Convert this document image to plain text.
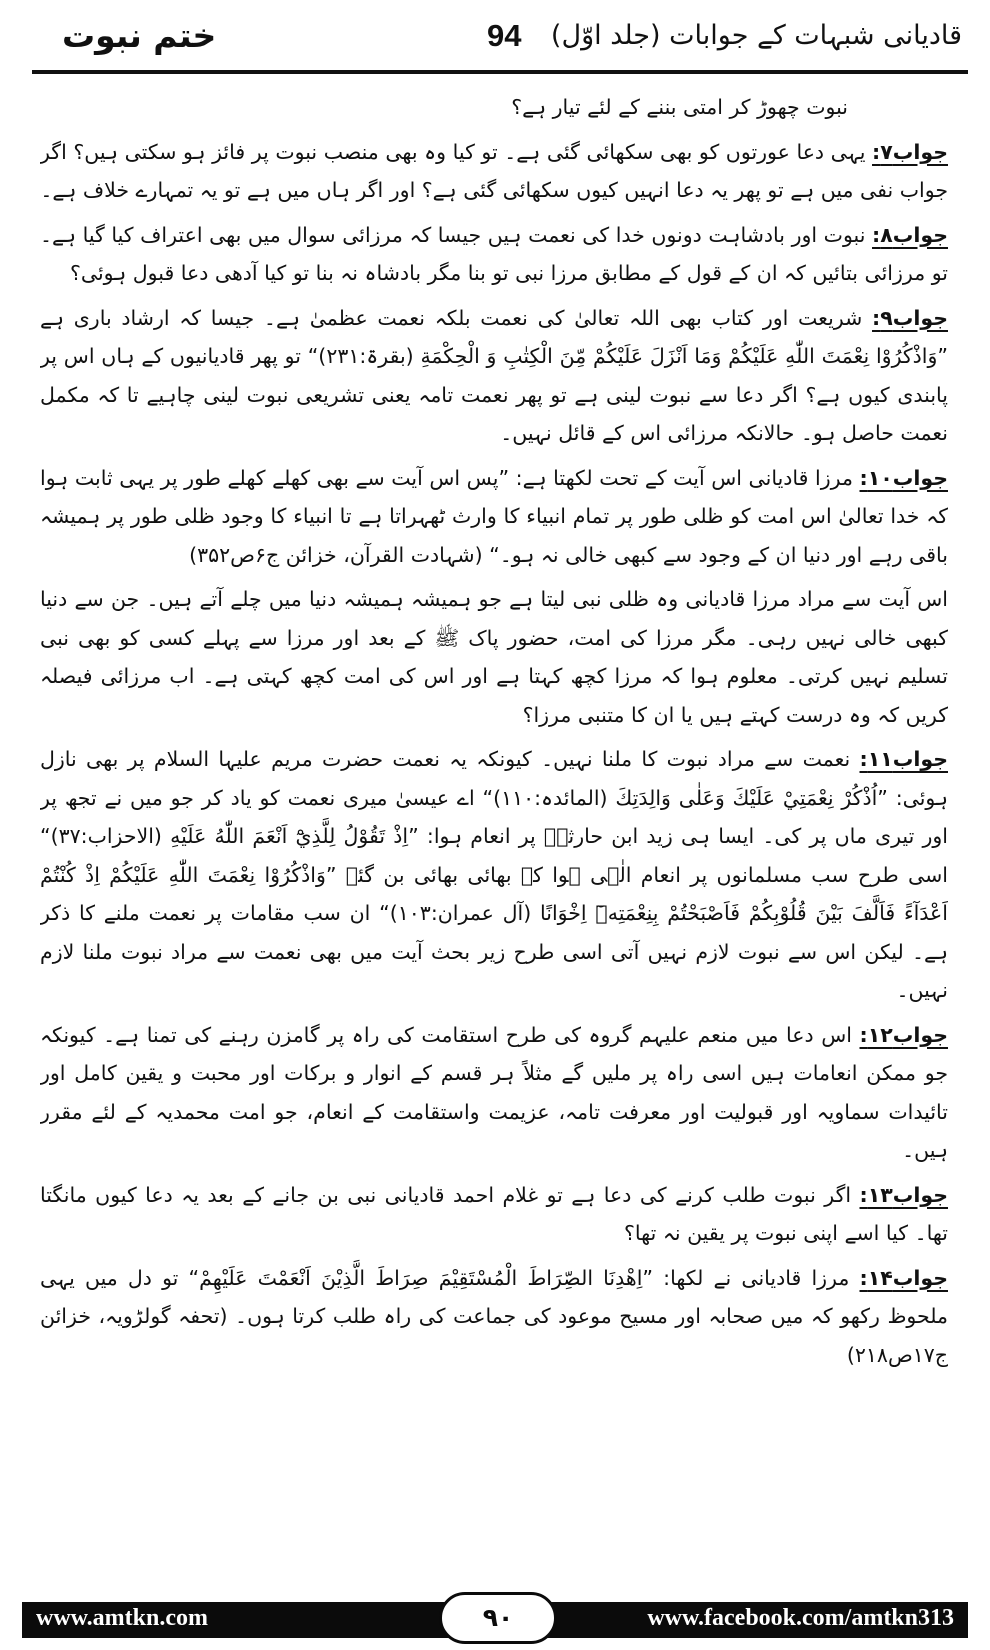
قادیانی شبہات کے جوابات (جلد اوّل)
94
ختم نبوت

نبوت چھوڑ کر امتی بننے کے لئے تیار ہے؟

جواب۷: یہی دعا عورتوں کو بھی سکھائی گئی ہے۔ تو کیا وہ بھی منصب نبوت پر فائز ہو سکتی ہیں؟ اگر جواب نفی میں ہے تو پھر یہ دعا انہیں کیوں سکھائی گئی ہے؟ اور اگر ہاں میں ہے تو یہ تمہارے خلاف ہے۔

جواب۸: نبوت اور بادشاہت دونوں خدا کی نعمت ہیں جیسا کہ مرزائی سوال میں بھی اعتراف کیا گیا ہے۔ تو مرزائی بتائیں کہ ان کے قول کے مطابق مرزا نبی تو بنا مگر بادشاہ نہ بنا تو کیا آدھی دعا قبول ہوئی؟

جواب۹: شریعت اور کتاب بھی اللہ تعالیٰ کی نعمت بلکہ نعمت عظمیٰ ہے۔ جیسا کہ ارشاد باری ہے ”وَاذْكُرُوْا نِعْمَتَ اللّٰهِ عَلَيْكُمْ وَمَا اَنْزَلَ عَلَيْكُمْ مِّنَ الْكِتٰبِ وَ الْحِكْمَةِ (بقرۃ:۲۳۱)“ تو پھر قادیانیوں کے ہاں اس پر پابندی کیوں ہے؟ اگر دعا سے نبوت لینی ہے تو پھر نعمت تامہ یعنی تشریعی نبوت لینی چاہیے تا کہ مکمل نعمت حاصل ہو۔ حالانکہ مرزائی اس کے قائل نہیں۔

جواب۱۰: مرزا قادیانی اس آیت کے تحت لکھتا ہے: ”پس اس آیت سے بھی کھلے کھلے طور پر یہی ثابت ہوا کہ خدا تعالیٰ اس امت کو ظلی طور پر تمام انبیاء کا وارث ٹھہراتا ہے تا انبیاء کا وجود ظلی طور پر ہمیشہ باقی رہے اور دنیا ان کے وجود سے کبھی خالی نہ ہو۔“ (شہادت القرآن، خزائن ج۶ص۳۵۲)

اس آیت سے مراد مرزا قادیانی وہ ظلی نبی لیتا ہے جو ہمیشہ ہمیشہ دنیا میں چلے آتے ہیں۔ جن سے دنیا کبھی خالی نہیں رہی۔ مگر مرزا کی امت، حضور پاک ﷺ کے بعد اور مرزا سے پہلے کسی کو بھی نبی تسلیم نہیں کرتی۔ معلوم ہوا کہ مرزا کچھ کہتا ہے اور اس کی امت کچھ کہتی ہے۔ اب مرزائی فیصلہ کریں کہ وہ درست کہتے ہیں یا ان کا متنبی مرزا؟

جواب۱۱: نعمت سے مراد نبوت کا ملنا نہیں۔ کیونکہ یہ نعمت حضرت مریم علیہا السلام پر بھی نازل ہوئی: ”اُذْكُرْ نِعْمَتِيْ عَلَيْكَ وَعَلٰى وَالِدَتِكَ (المائدہ:۱۱۰)“ اے عیسیٰ میری نعمت کو یاد کر جو میں نے تجھ پر اور تیری ماں پر کی۔ ایسا ہی زید ابن حارثہؓ پر انعام ہوا: ”اِذْ تَقُوْلُ لِلَّذِيْٓ اَنْعَمَ اللّٰهُ عَلَيْهِ (الاحزاب:۳۷)“ اسی طرح سب مسلمانوں پر انعام الٰہی ہوا کہ بھائی بھائی بن گئے ”وَاذْكُرُوْا نِعْمَتَ اللّٰهِ عَلَيْكُمْ اِذْ كُنْتُمْ اَعْدَآءً فَاَلَّفَ بَيْنَ قُلُوْبِكُمْ فَاَصْبَحْتُمْ بِنِعْمَتِهٖٓ اِخْوَانًا (آل عمران:۱۰۳)“ ان سب مقامات پر نعمت ملنے کا ذکر ہے۔ لیکن اس سے نبوت لازم نہیں آتی اسی طرح زیر بحث آیت میں بھی نعمت سے مراد نبوت ملنا لازم نہیں۔

جواب۱۲: اس دعا میں منعم علیہم گروہ کی طرح استقامت کی راہ پر گامزن رہنے کی تمنا ہے۔ کیونکہ جو ممکن انعامات ہیں اسی راہ پر ملیں گے مثلاً ہر قسم کے انوار و برکات اور محبت و یقین کامل اور تائیدات سماویہ اور قبولیت اور معرفت تامہ، عزیمت واستقامت کے انعام، جو امت محمدیہ کے لئے مقرر ہیں۔

جواب۱۳: اگر نبوت طلب کرنے کی دعا ہے تو غلام احمد قادیانی نبی بن جانے کے بعد یہ دعا کیوں مانگتا تھا۔ کیا اسے اپنی نبوت پر یقین نہ تھا؟

جواب۱۴: مرزا قادیانی نے لکھا: ”اِهْدِنَا الصِّرَاطَ الْمُسْتَقِيْمَ صِرَاطَ الَّذِيْنَ اَنْعَمْتَ عَلَيْهِمْ“ تو دل میں یہی ملحوظ رکھو کہ میں صحابہ اور مسیح موعود کی جماعت کی راہ طلب کرتا ہوں۔ (تحفہ گولڑویہ، خزائن ج۱۷ص۲۱۸)

www.amtkn.com	۹۰	www.facebook.com/amtkn313
